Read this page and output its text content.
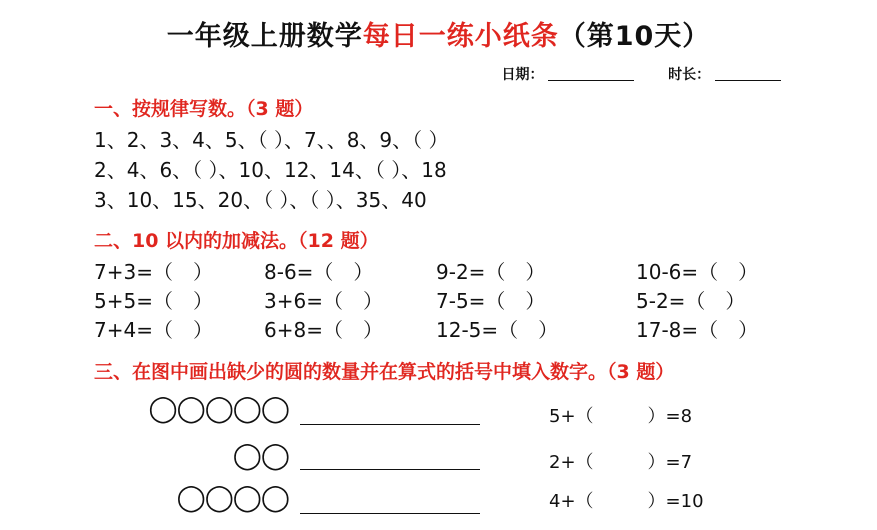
一年级上册数学每日一练小纸条（第10天）
日期：	时长：
一、按规律写数。（3 题）
1、2、3、4、5、（ ）、7、、8、9、（ ）
2、4、6、（ ）、10、12、14、（ ）、18
3、10、15、20、（ ）、（ ）、35、40
二、10 以内的加减法。（12 题）
7+3=（　）	8-6=（　）	9-2=（　）	10-6=（　）
5+5=（　）	3+6=（　）	7-5=（　）	5-2=（　）
7+4=（　）	6+8=（　）	12-5=（　）	17-8=（　）
三、在图中画出缺少的圆的数量并在算式的括号中填入数字。（3 题）
◯◯◯◯◯	5+（　　　）=8
◯◯	2+（　　　）=7
◯◯◯◯	4+（　　　）=10
